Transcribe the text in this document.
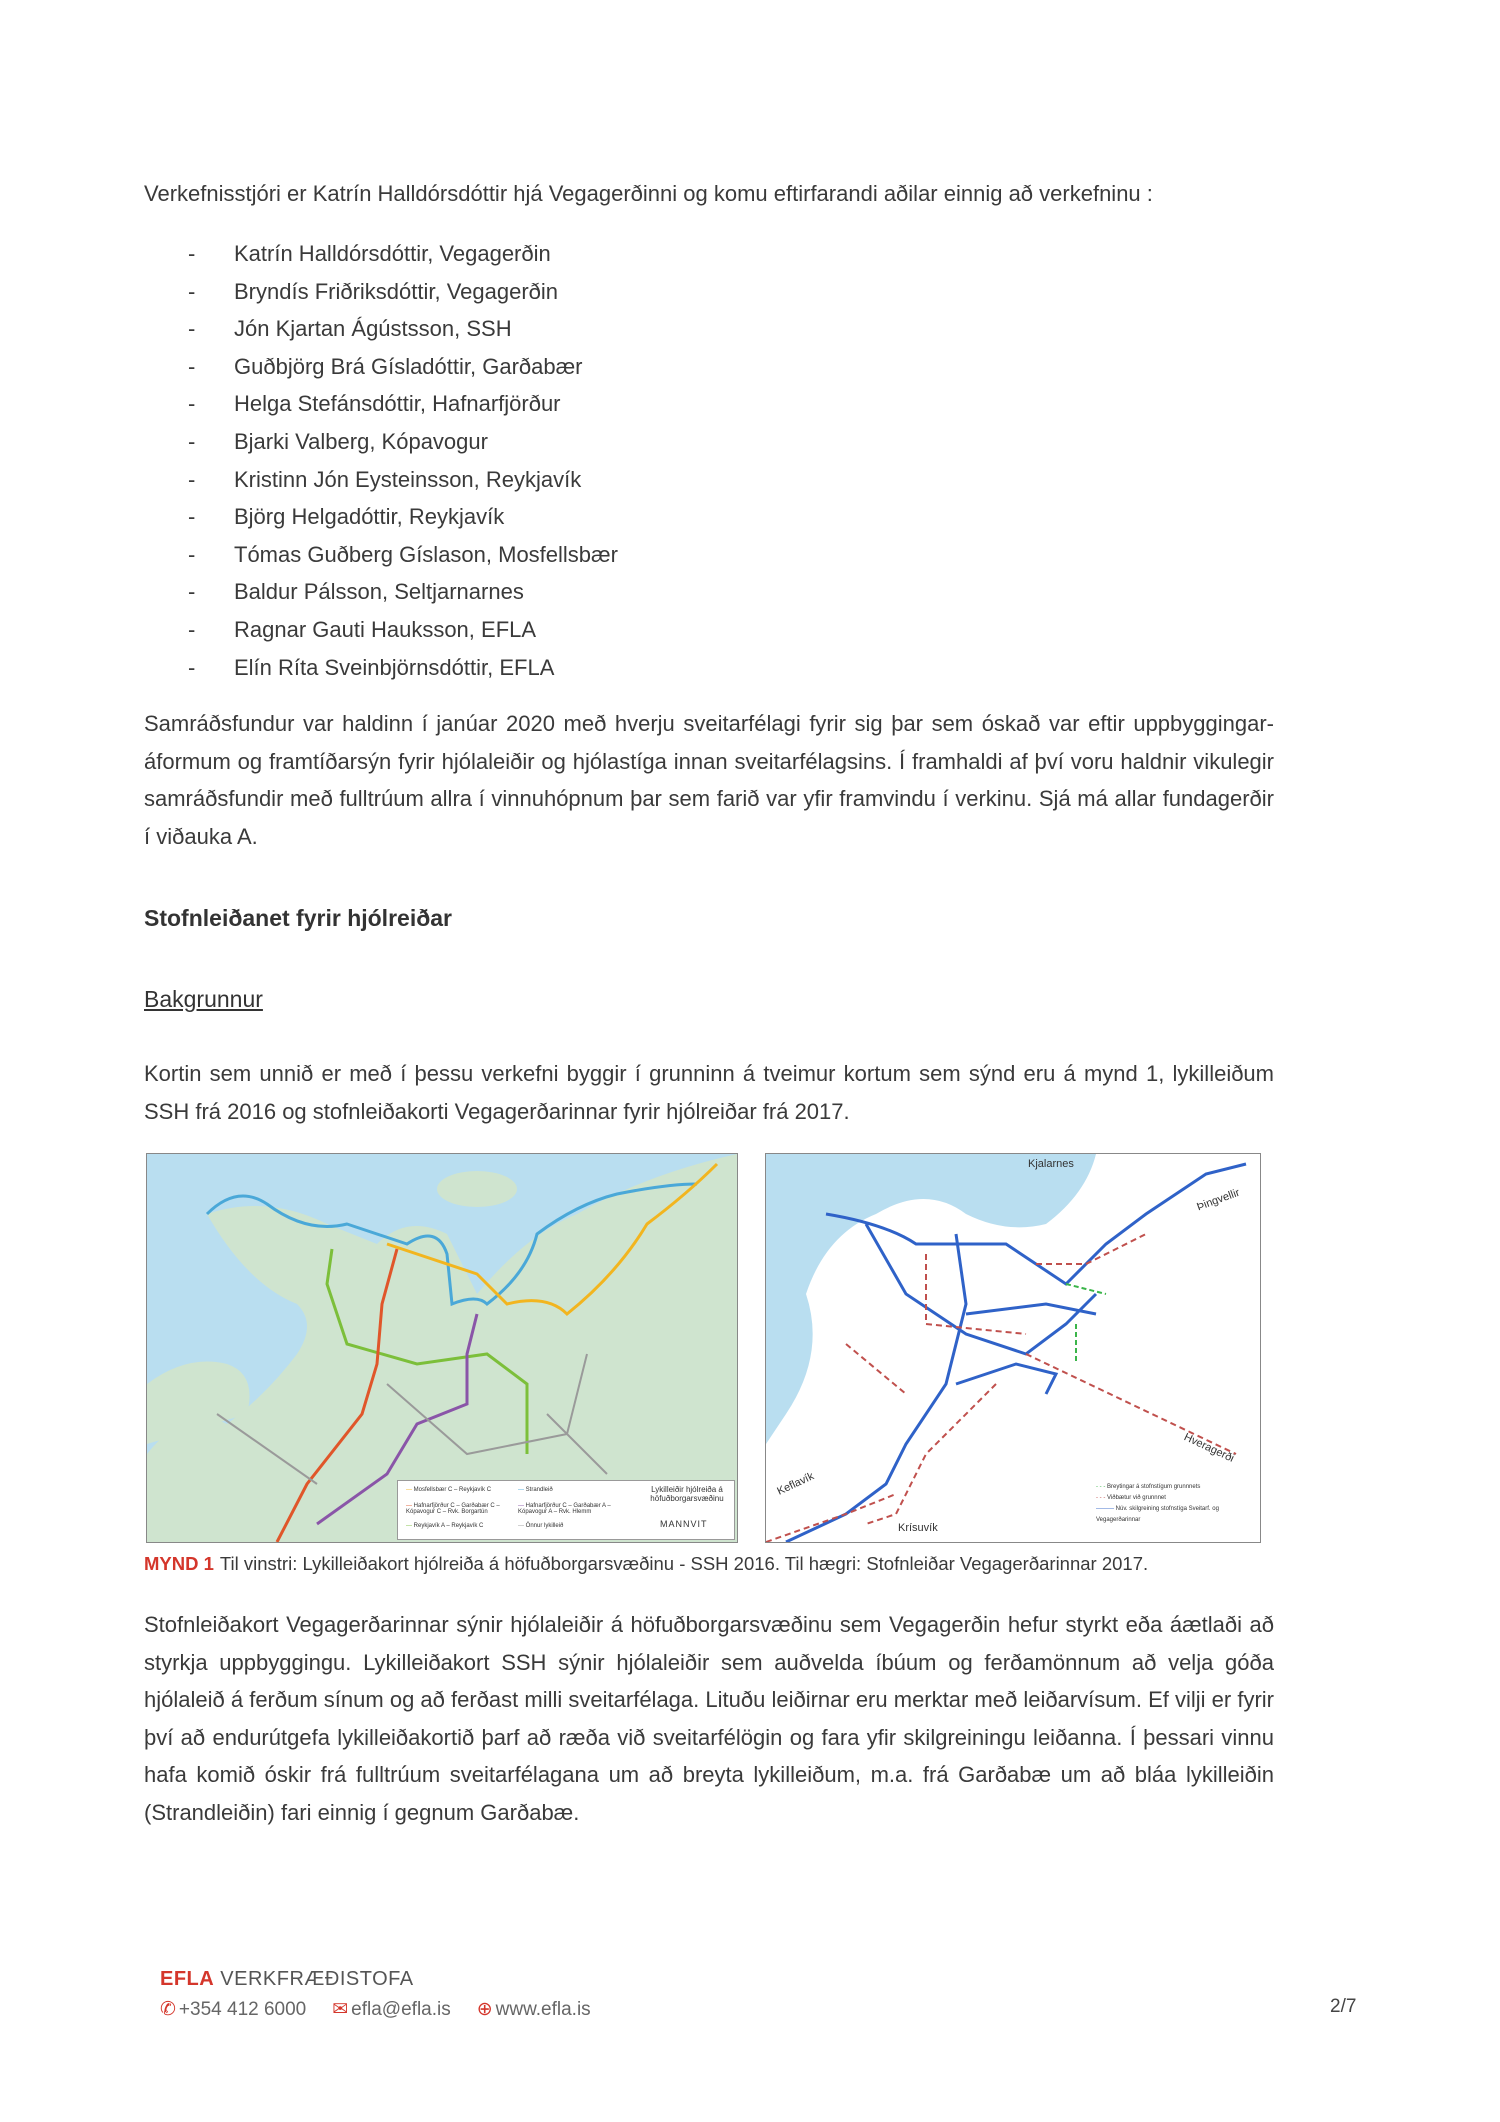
Verkefnisstjóri er Katrín Halldórsdóttir hjá Vegagerðinni og komu eftirfarandi aðilar einnig að verkefninu :
-	Katrín Halldórsdóttir, Vegagerðin
-	Bryndís Friðriksdóttir, Vegagerðin
-	Jón Kjartan Ágústsson, SSH
-	Guðbjörg Brá Gísladóttir, Garðabær
-	Helga Stefánsdóttir, Hafnarfjörður
-	Bjarki Valberg, Kópavogur
-	Kristinn Jón Eysteinsson, Reykjavík
-	Björg Helgadóttir, Reykjavík
-	Tómas Guðberg Gíslason, Mosfellsbær
-	Baldur Pálsson, Seltjarnarnes
-	Ragnar Gauti Hauksson, EFLA
-	Elín Ríta Sveinbjörnsdóttir, EFLA
Samráðsfundur var haldinn í janúar 2020 með hverju sveitarfélagi fyrir sig þar sem óskað var eftir uppbyggingar-áformum og framtíðarsýn fyrir hjólaleiðir og hjólastíga innan sveitarfélagsins. Í framhaldi af því voru haldnir vikulegir samráðsfundir með fulltrúum allra í vinnuhópnum þar sem farið var yfir framvindu í verkinu. Sjá má allar fundagerðir í viðauka A.
Stofnleiðanet fyrir hjólreiðar
Bakgrunnur
Kortin sem unnið er með í þessu verkefni byggir í grunninn á tveimur kortum sem sýnd eru á mynd 1, lykilleiðum SSH frá 2016 og stofnleiðakorti Vegagerðarinnar fyrir hjólreiðar frá 2017.
— Mosfellsbær C – Reykjavík C	— Strandleið
— Hafnarfjörður C – Garðabær C – Kópavogur C – Rvk. Borgartún
— Hafnarfjörður C – Garðabær A – Kópavogur A – Rvk. Hlemm
— Reykjavík A – Reykjavík C	— Önnur lykilleið
Lykilleiðir hjólreiða á höfuðborgarsvæðinu
MANNVIT
Kjalarnes
Þingvellir
Hveragerði
Keflavík
Krísuvík
- - - Breytingar á stofnstígum grunnnets
- - - Viðbætur við grunnnet
——— Núv. skilgreining stofnstíga Sveitarf. og Vegagerðarinnar
MYND 1 Til vinstri: Lykilleiðakort hjólreiða á höfuðborgarsvæðinu - SSH 2016. Til hægri: Stofnleiðar Vegagerðarinnar 2017.
Stofnleiðakort Vegagerðarinnar sýnir hjólaleiðir á höfuðborgarsvæðinu sem Vegagerðin hefur styrkt eða áætlaði að styrkja uppbyggingu. Lykilleiðakort SSH sýnir hjólaleiðir sem auðvelda íbúum og ferðamönnum að velja góða hjólaleið á ferðum sínum og að ferðast milli sveitarfélaga. Lituðu leiðirnar eru merktar með leiðarvísum. Ef vilji er fyrir því að endurútgefa lykilleiðakortið þarf að ræða við sveitarfélögin og fara yfir skilgreiningu leiðanna. Í þessari vinnu hafa komið óskir frá fulltrúum sveitarfélagana um að breyta lykilleiðum, m.a. frá Garðabæ um að bláa lykilleiðin (Strandleiðin) fari einnig í gegnum Garðabæ.
EFLA VERKFRÆÐISTOFA
✆ +354 412 6000 ✉ efla@efla.is ⊕ www.efla.is	2/7
